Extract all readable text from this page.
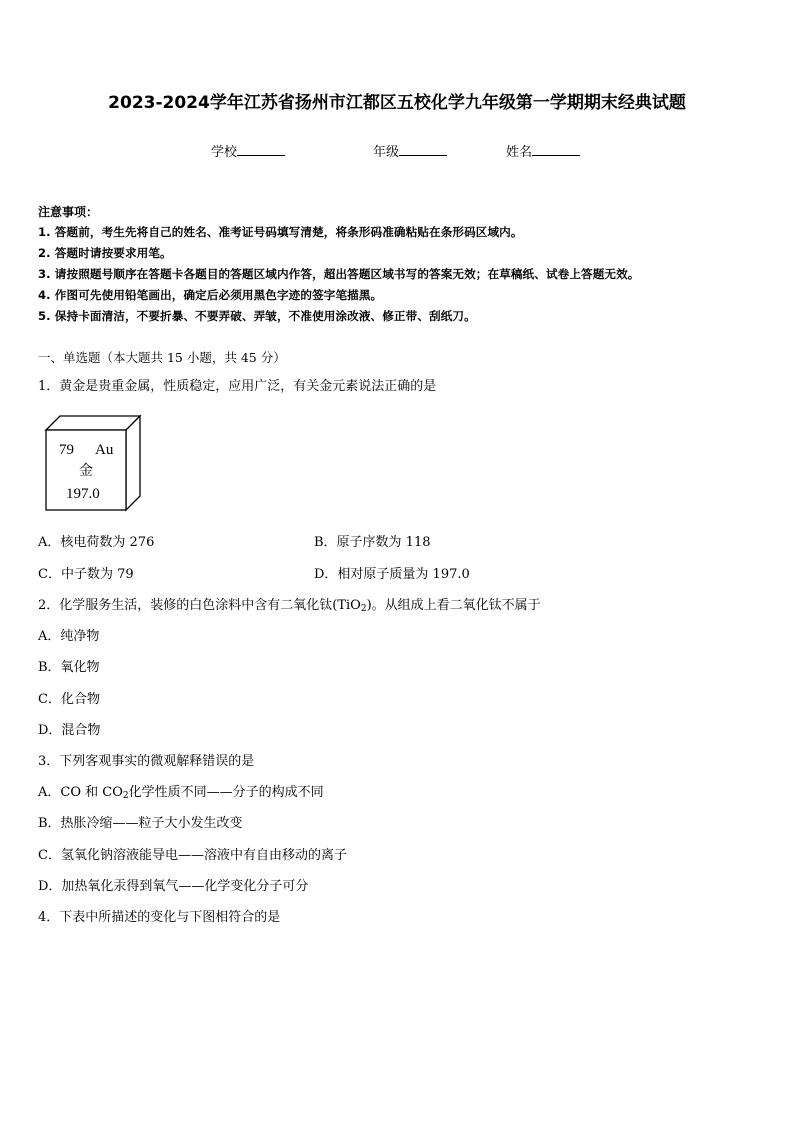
2023-2024学年江苏省扬州市江都区五校化学九年级第一学期期末经典试题
学校	年级	姓名
注意事项：
1. 答题前，考生先将自己的姓名、准考证号码填写清楚，将条形码准确粘贴在条形码区域内。
2. 答题时请按要求用笔。
3. 请按照题号顺序在答题卡各题目的答题区域内作答，超出答题区域书写的答案无效；在草稿纸、试卷上答题无效。
4. 作图可先使用铅笔画出，确定后必须用黑色字迹的签字笔描黑。
5. 保持卡面清洁，不要折暴、不要弄破、弄皱，不准使用涂改液、修正带、刮纸刀。
一、单选题（本大题共 15 小题，共 45 分）
1．黄金是贵重金属，性质稳定，应用广泛，有关金元素说法正确的是
79 Au
金
197.0
A．核电荷数为 276	B．原子序数为 118
C．中子数为 79	D．相对原子质量为 197.0
2．化学服务生活，装修的白色涂料中含有二氧化钛(TiO$_2$)。从组成上看二氧化钛不属于
A．纯净物
B．氧化物
C．化合物
D．混合物
3．下列客观事实的微观解释错误的是
A．CO 和 $CO_2$化学性质不同——分子的构成不同
B．热胀冷缩——粒子大小发生改变
C．氢氧化钠溶液能导电——溶液中有自由移动的离子
D．加热氧化汞得到氧气——化学变化分子可分
4．下表中所描述的变化与下图相符合的是
